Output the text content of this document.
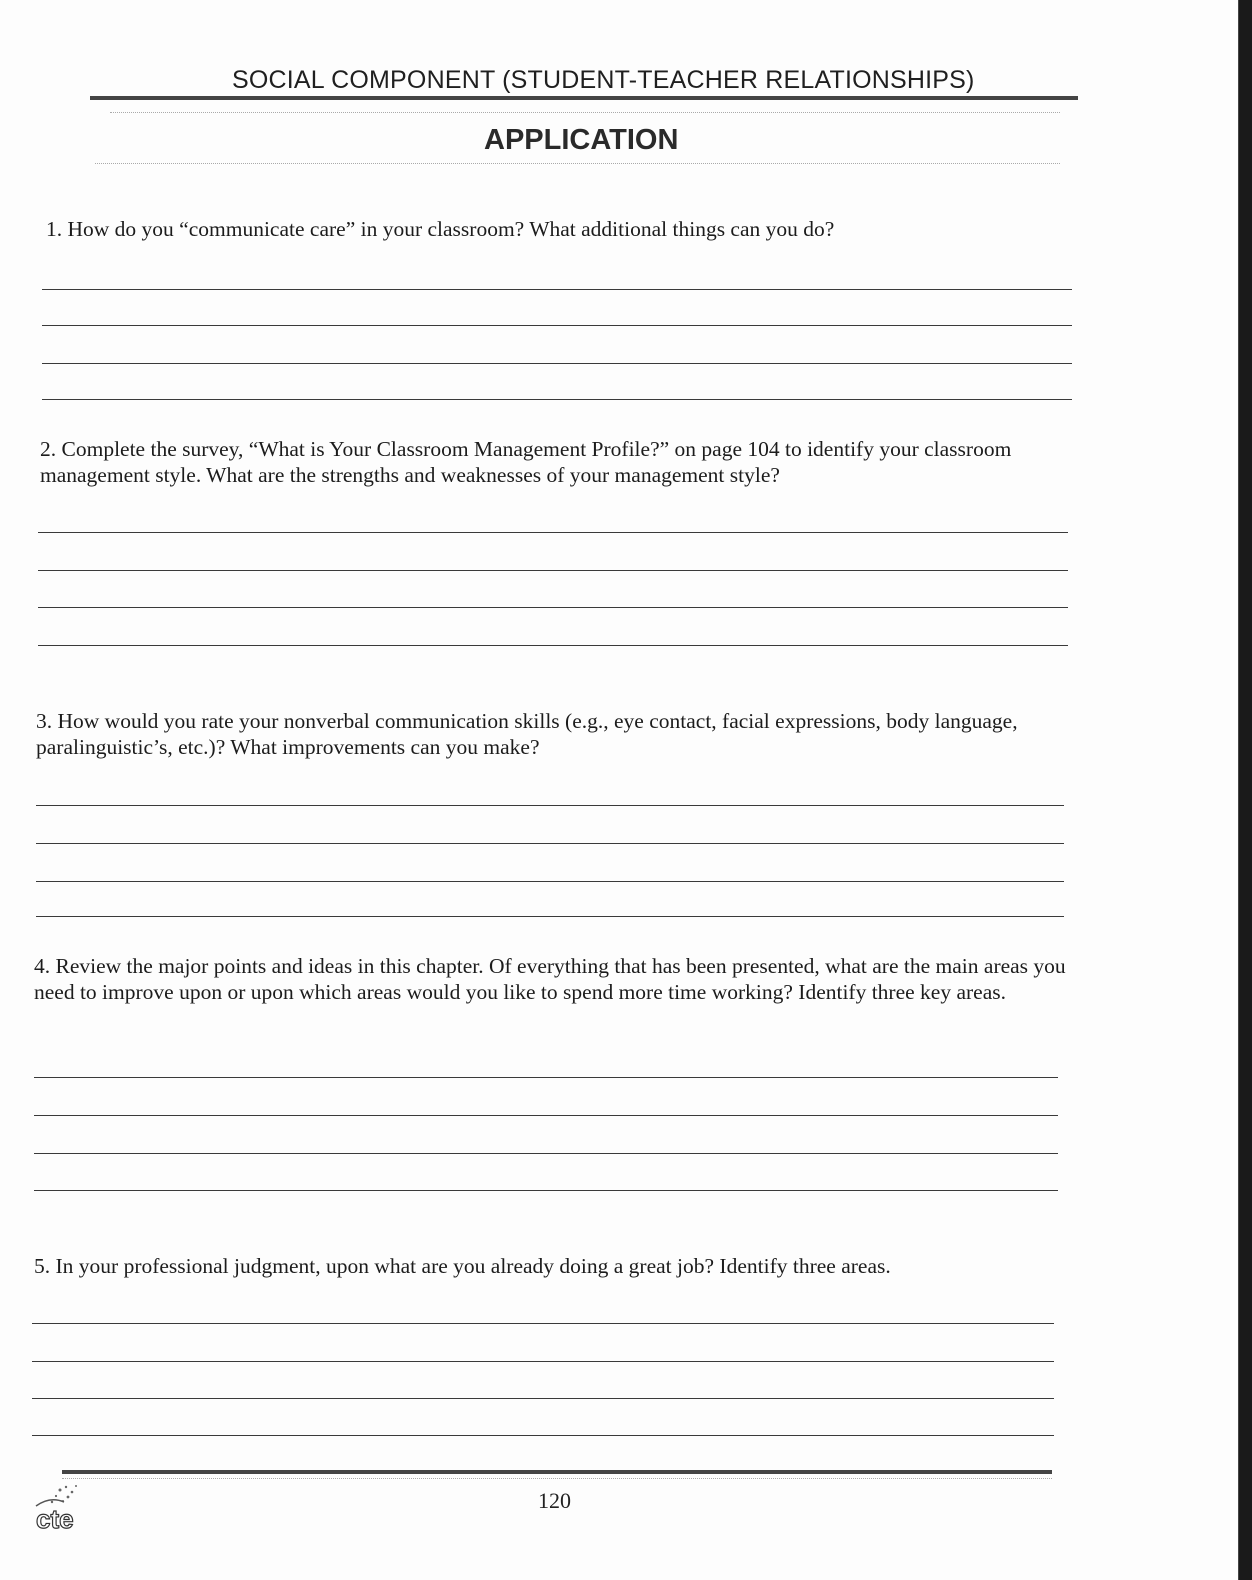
SOCIAL COMPONENT (STUDENT-TEACHER RELATIONSHIPS)
APPLICATION
1. How do you “communicate care” in your classroom? What additional things can you do?
2. Complete the survey, “What is Your Classroom Management Profile?” on page 104 to identify your classroom management style. What are the strengths and weaknesses of your management style?
3. How would you rate your nonverbal communication skills (e.g., eye contact, facial expressions, body language, paralinguistic’s, etc.)? What improvements can you make?
4. Review the major points and ideas in this chapter. Of everything that has been presented, what are the main areas you need to improve upon or upon which areas would you like to spend more time working? Identify three key areas.
5. In your professional judgment, upon what are you already doing a great job? Identify three areas.
cte
120
